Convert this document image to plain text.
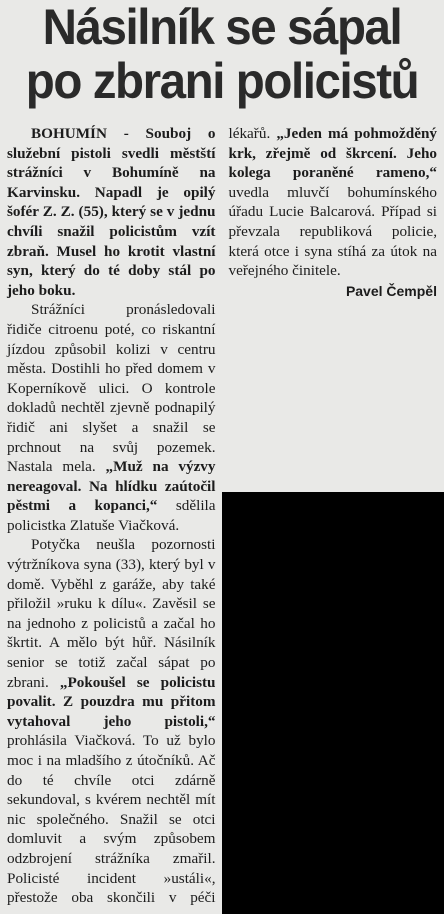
Násilník se sápal
po zbrani policistů

BOHUMÍN - Souboj o služební pistoli svedli městští strážníci v Bohumíně na Karvinsku. Napadl je opilý šofér Z. Z. (55), který se v jednu chvíli snažil policistům vzít zbraň. Musel ho krotit vlastní syn, který do té doby stál po jeho boku.

Strážníci pronásledovali řidiče citroenu poté, co riskantní jízdou způsobil kolizi v centru města. Dostihli ho před domem v Koperníkově ulici. O kontrole dokladů nechtěl zjevně podnapilý řidič ani slyšet a snažil se prchnout na svůj pozemek. Nastala mela. „Muž na výzvy nereagoval. Na hlídku zaútočil pěstmi a kopanci,“ sdělila policistka Zlatuše Viačková.

Potyčka neušla pozornosti výtržníkova syna (33), který byl v domě. Vyběhl z garáže, aby také přiložil »ruku k dílu«. Zavěsil se na jednoho z policistů a začal ho škrtit. A mělo být hůř. Násilník senior se totiž začal sápat po zbrani. „Pokoušel se policistu povalit. Z pouzdra mu přitom vytahoval jeho pistoli,“ prohlásila Viačková. To už bylo moc i na mladšího z útočníků. Ač do té chvíle otci zdárně sekundoval, s kvérem nechtěl mít nic společného. Snažil se otci domluvit a svým způsobem odzbrojení strážníka zmařil. Policisté incident »ustáli«, přestože oba skončili v péči lékařů. „Jeden má pohmožděný krk, zřejmě od škrcení. Jeho kolega poraněné rameno,“ uvedla mluvčí bohumínského úřadu Lucie Balcarová. Případ si převzala republiková policie, která otce i syna stíhá za útok na veřejného činitele.

Pavel Čempěl
